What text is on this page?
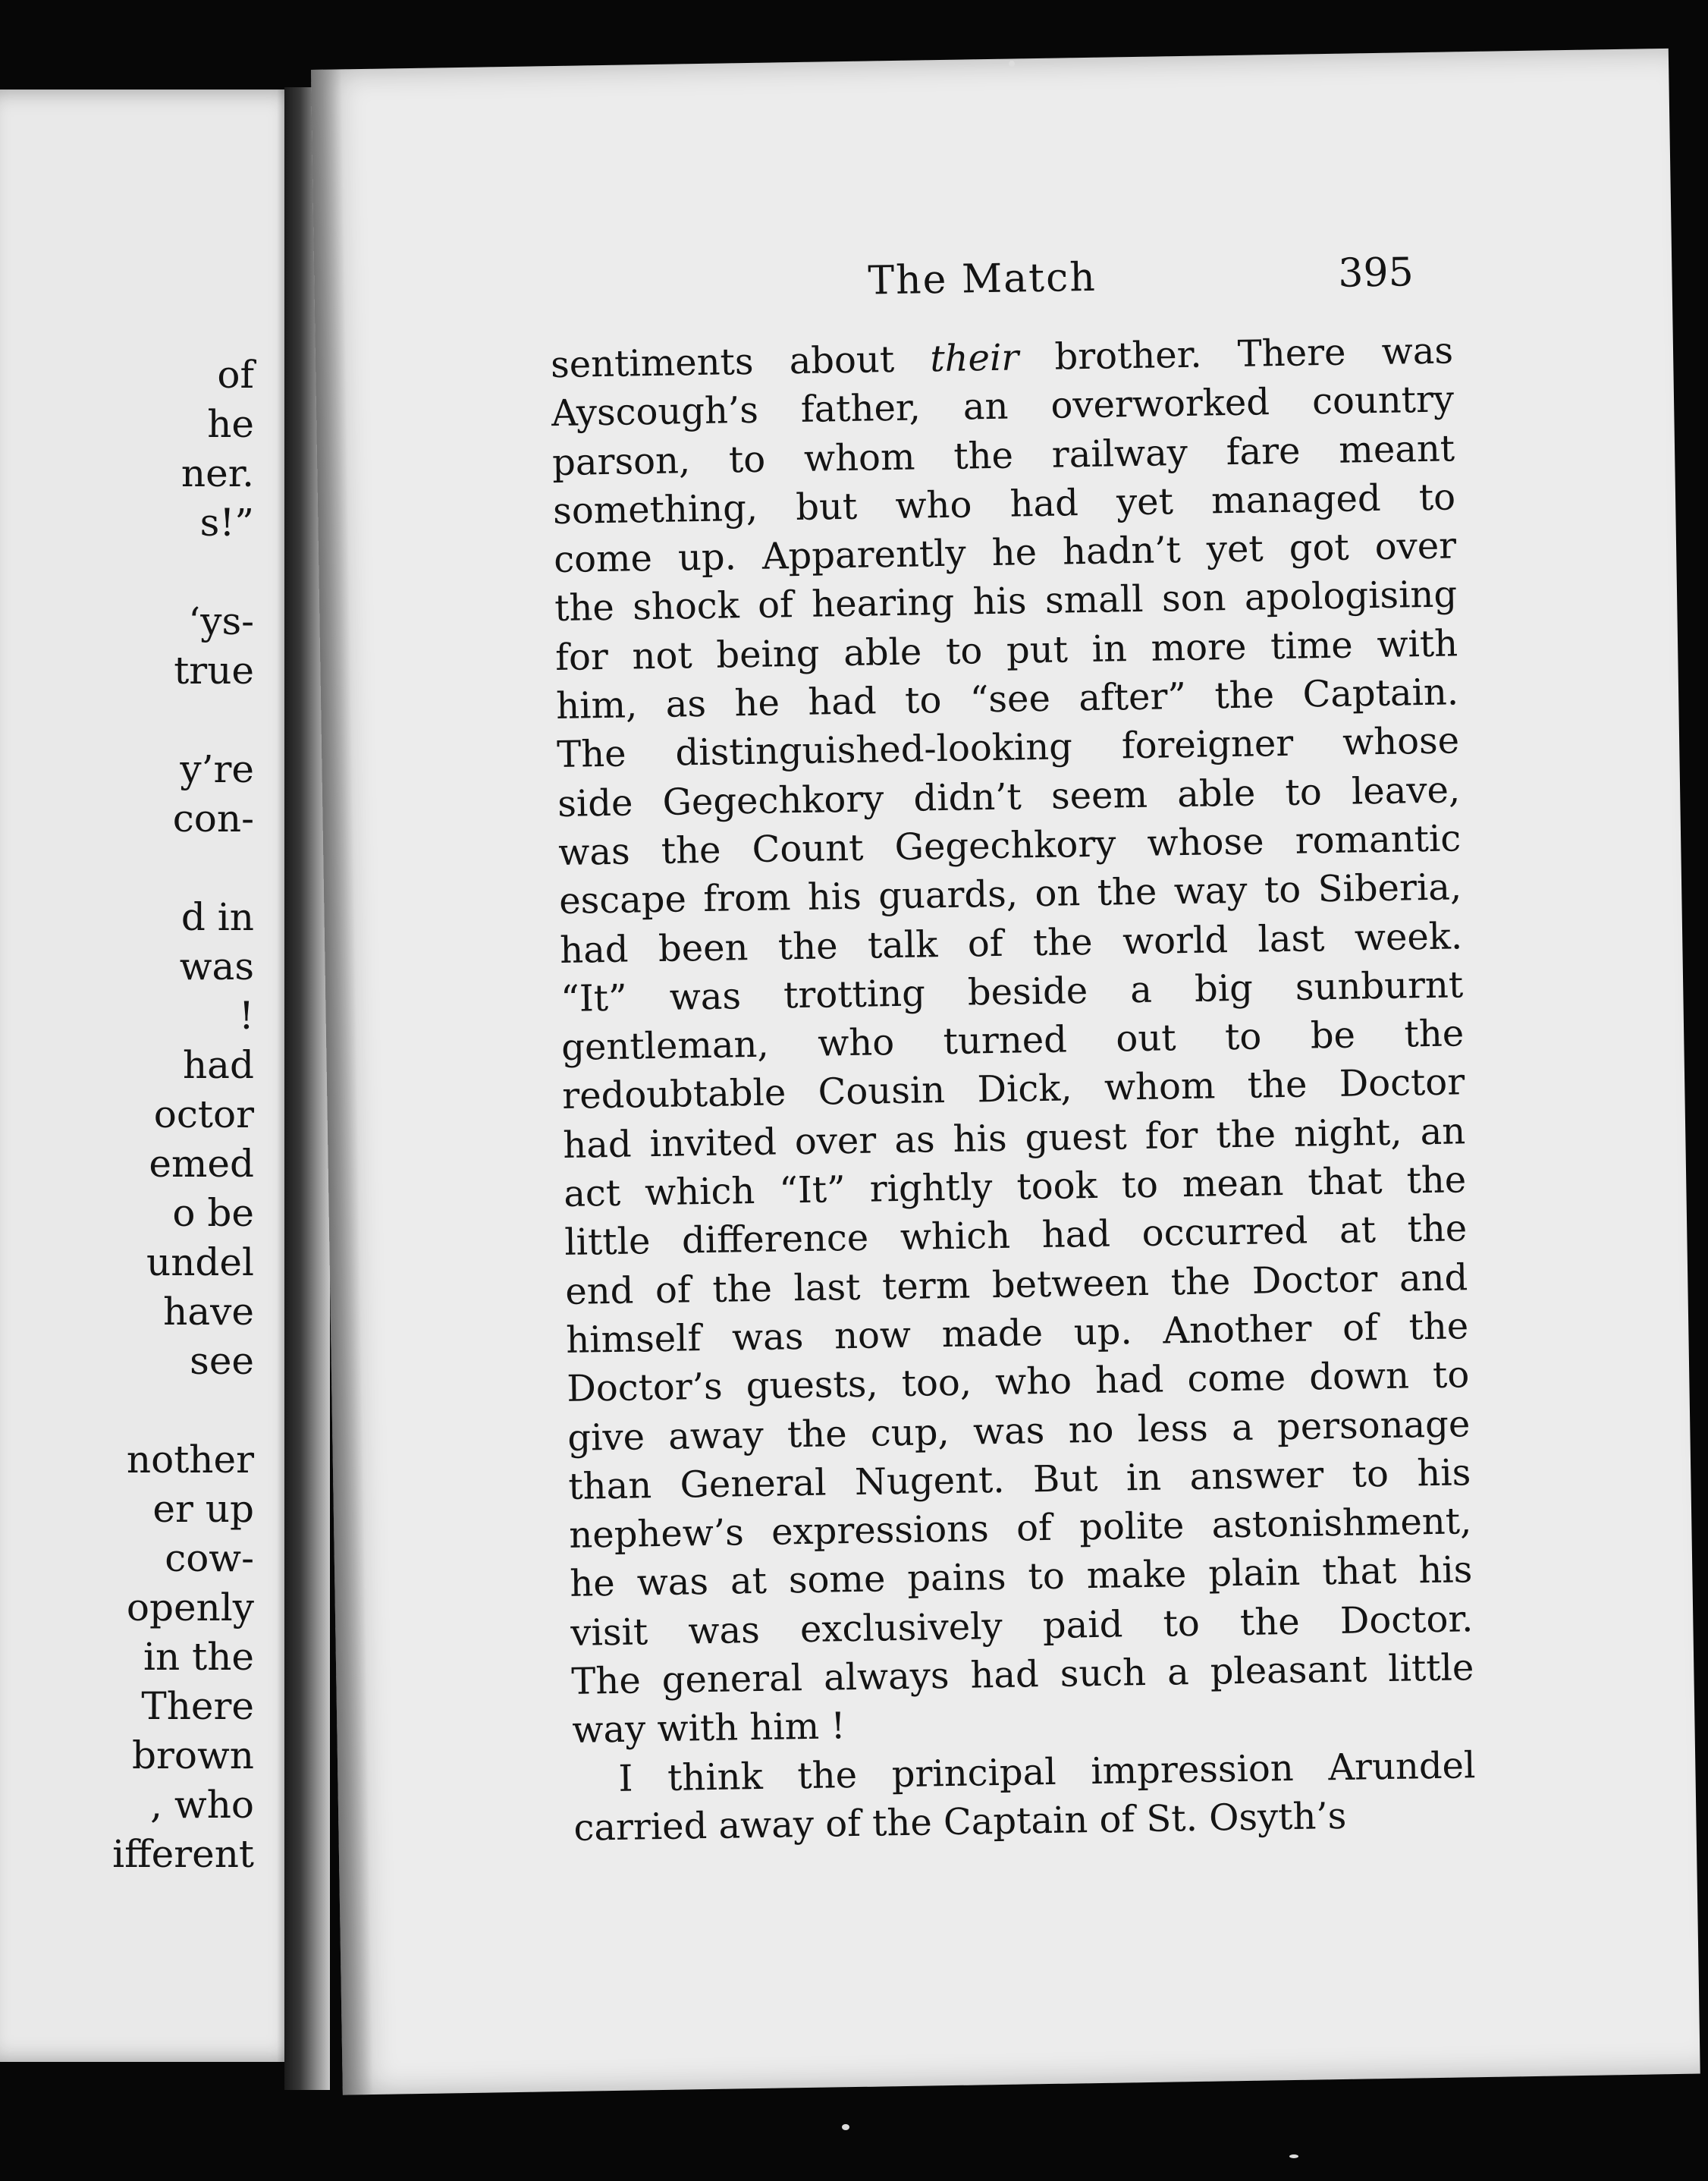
of
he
ner.
s!”
‘ys-
true
y’re
con-
d in
was
!
had
octor
emed
o be
undel
have
see
nother
er up
cow-
openly
in the
There
brown
, who
ifferent
The Match	395
sentiments about their brother. There was
Ayscough’s father, an overworked country
parson, to whom the railway fare meant
something, but who had yet managed to
come up. Apparently he hadn’t yet got over
the shock of hearing his small son apologising
for not being able to put in more time with
him, as he had to “see after” the Captain.
The distinguished-looking foreigner whose
side Gegechkory didn’t seem able to leave,
was the Count Gegechkory whose romantic
escape from his guards, on the way to Siberia,
had been the talk of the world last week.
“It” was trotting beside a big sunburnt
gentleman, who turned out to be the
redoubtable Cousin Dick, whom the Doctor
had invited over as his guest for the night, an
act which “It” rightly took to mean that the
little difference which had occurred at the
end of the last term between the Doctor and
himself was now made up. Another of the
Doctor’s guests, too, who had come down to
give away the cup, was no less a personage
than General Nugent. But in answer to his
nephew’s expressions of polite astonishment,
he was at some pains to make plain that his
visit was exclusively paid to the Doctor.
The general always had such a pleasant little
way with him !
I think the principal impression Arundel
carried away of the Captain of St. Osyth’s
